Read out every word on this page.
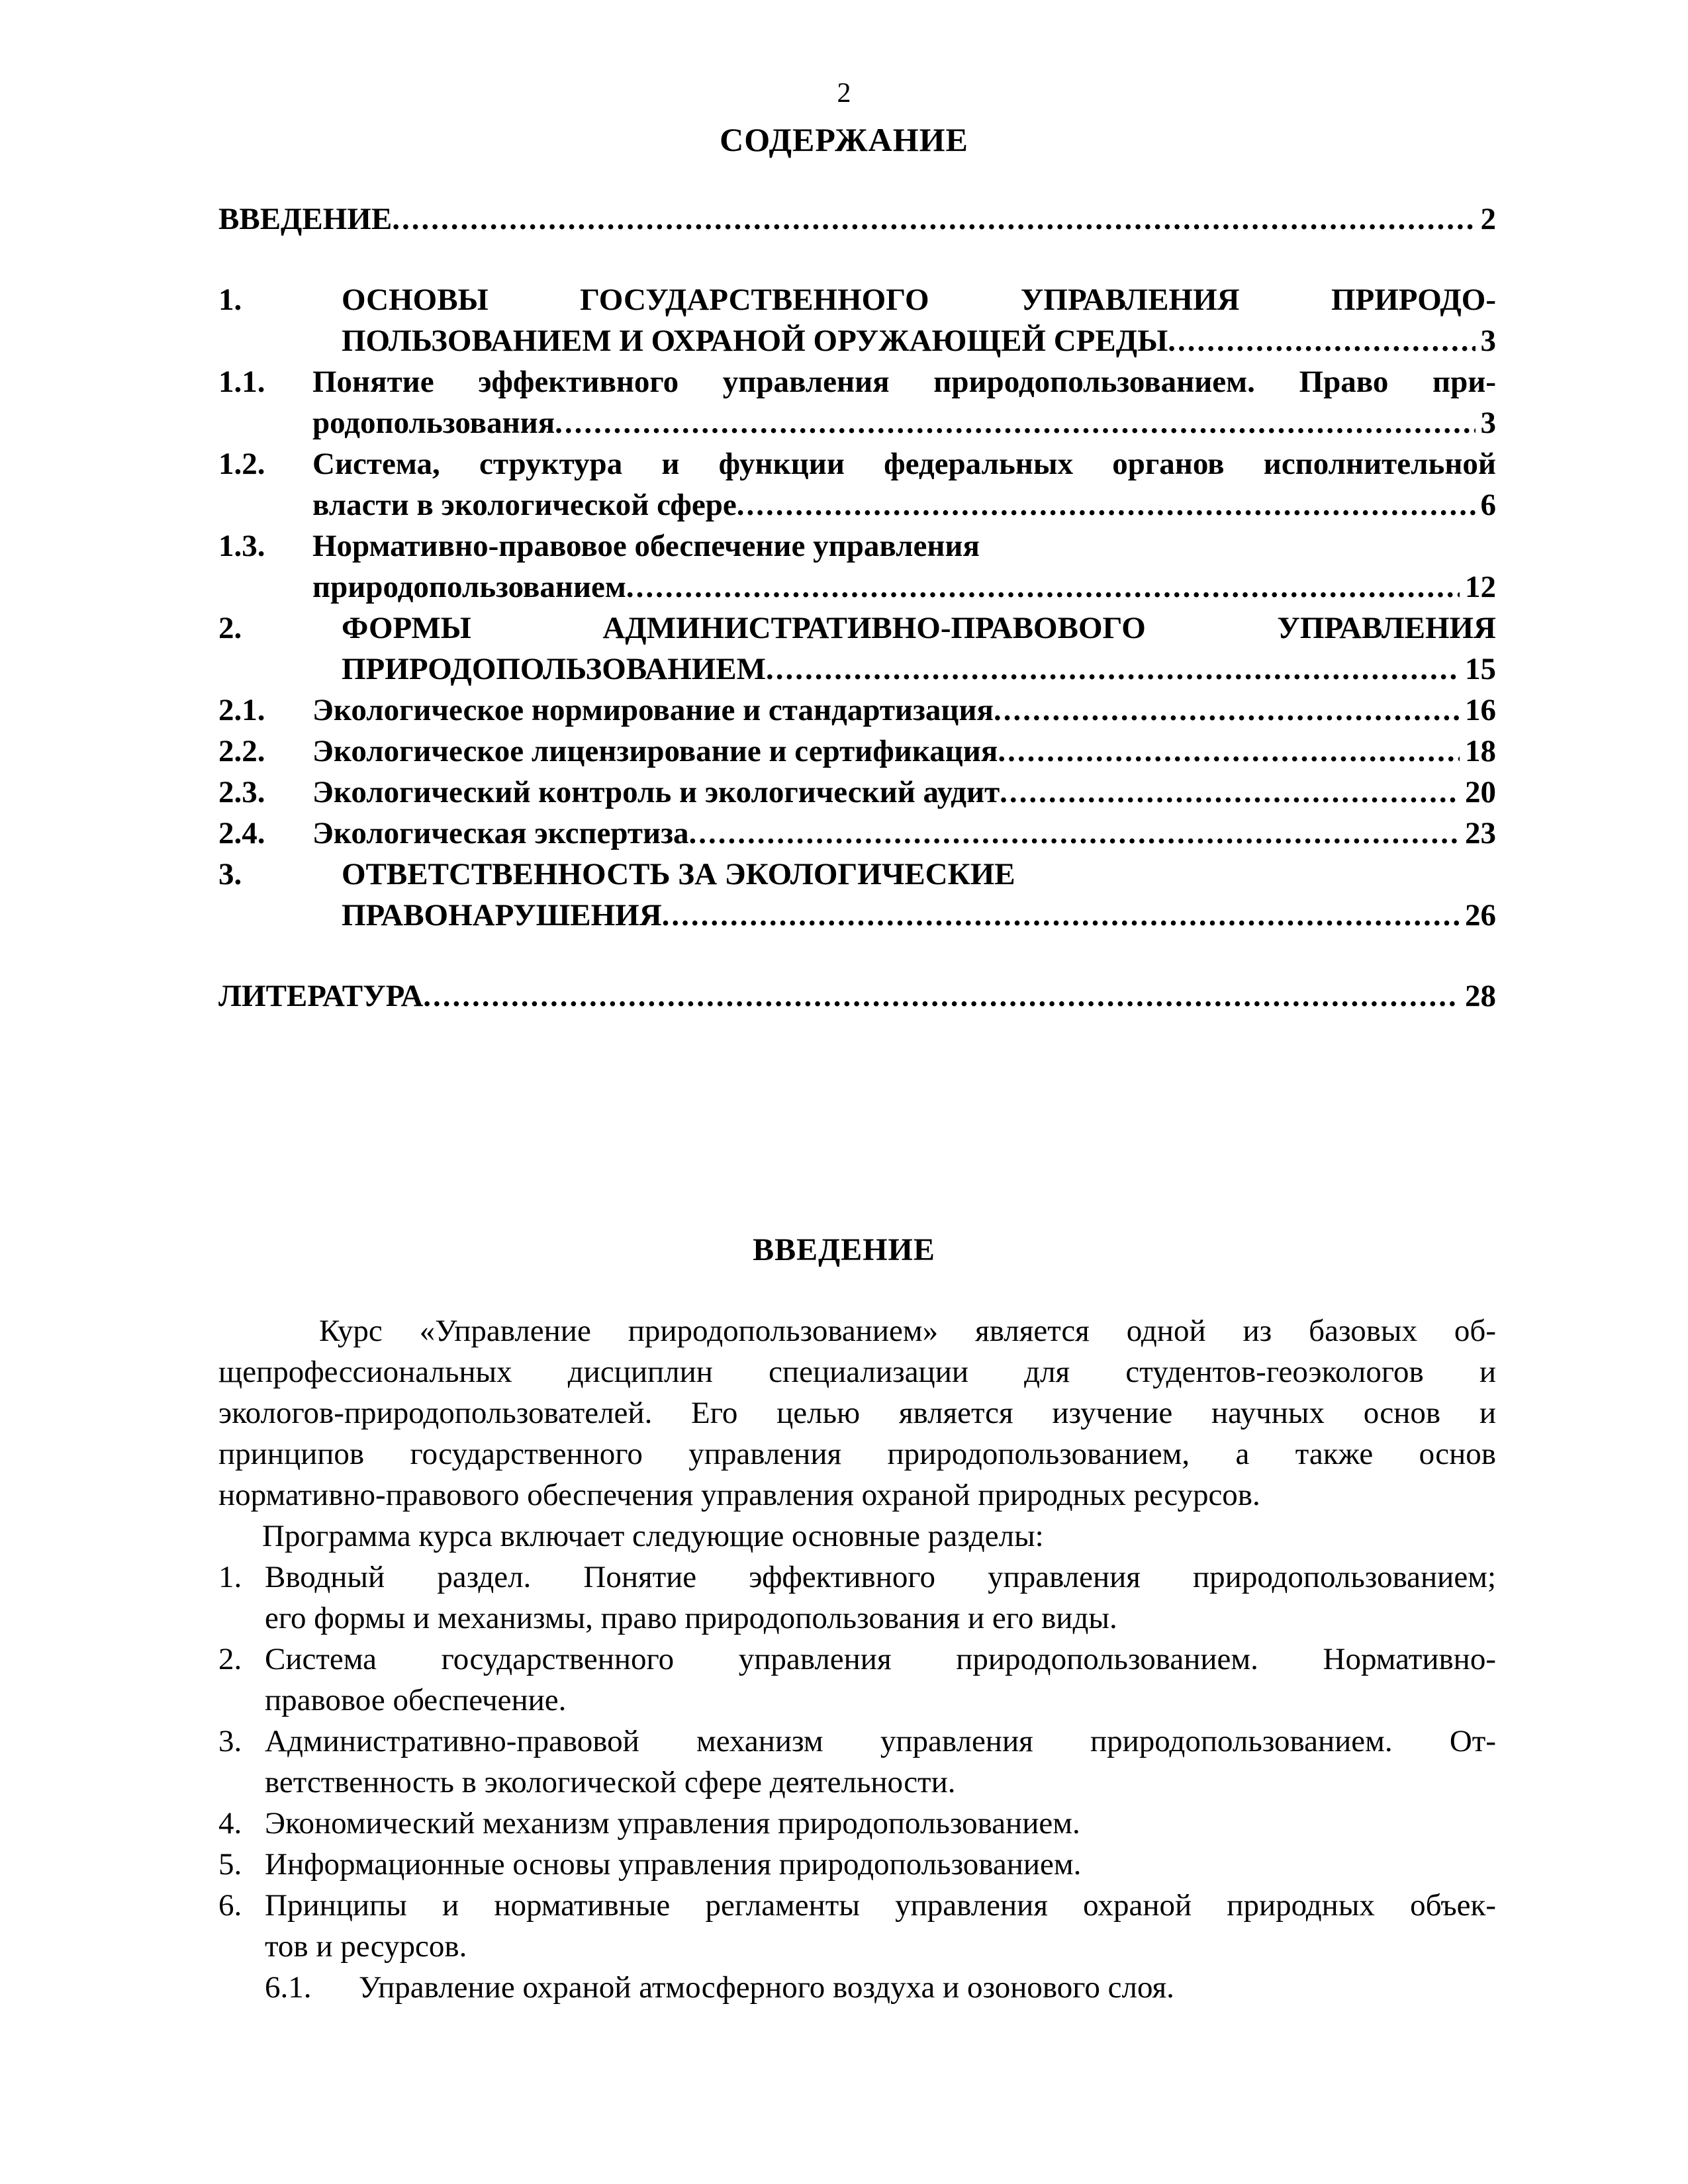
2
СОДЕРЖАНИЕ
ВВЕДЕНИЕ .....	2
1.	ОСНОВЫ ГОСУДАРСТВЕННОГО УПРАВЛЕНИЯ ПРИРОДО-
ПОЛЬЗОВАНИЕМ И ОХРАНОЙ ОРУЖАЮЩЕЙ СРЕДЫ .....	3
1.1. Понятие эффективного управления природопользованием. Право при-
родопользования .....	3
1.2. Система, структура и функции федеральных органов исполнительной
власти в экологической сфере .....	6
1.3. Нормативно-правовое обеспечение управления
природопользованием .....	12
2.	ФОРМЫ АДМИНИСТРАТИВНО-ПРАВОВОГО УПРАВЛЕНИЯ
ПРИРОДОПОЛЬЗОВАНИЕМ .....	15
2.1. Экологическое нормирование и стандартизация .....	16
2.2. Экологическое лицензирование и сертификация .....	18
2.3. Экологический контроль и экологический аудит .....	20
2.4. Экологическая экспертиза .....	23
3.	ОТВЕТСТВЕННОСТЬ ЗА ЭКОЛОГИЧЕСКИЕ
ПРАВОНАРУШЕНИЯ .....	26
ЛИТЕРАТУРА .....	28
ВВЕДЕНИЕ
Курс «Управление природопользованием» является одной из базовых об-
щепрофессиональных дисциплин специализации для студентов-геоэкологов и
экологов-природопользователей. Его целью является изучение научных основ и
принципов государственного управления природопользованием, а также основ
нормативно-правового обеспечения управления охраной природных ресурсов.
Программа курса включает следующие основные разделы:
1. Вводный раздел. Понятие эффективного управления природопользованием;
его формы и механизмы, право природопользования и его виды.
2. Система государственного управления природопользованием. Нормативно-
правовое обеспечение.
3. Административно-правовой механизм управления природопользованием. От-
ветственность в экологической сфере деятельности.
4. Экономический механизм управления природопользованием.
5. Информационные основы управления природопользованием.
6. Принципы и нормативные регламенты управления охраной природных объек-
тов и ресурсов.
6.1. Управление охраной атмосферного воздуха и озонового слоя.
